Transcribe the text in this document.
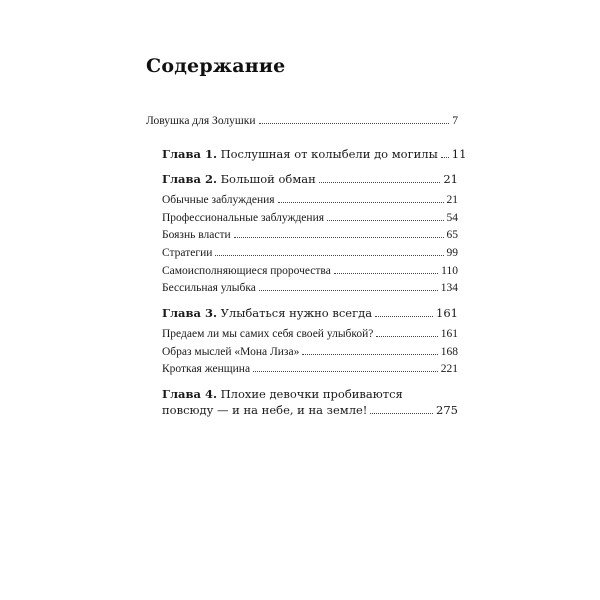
Содержание
Ловушка для Золушки	7
Глава 1. Послушная от колыбели до могилы 11
Глава 2. Большой обман	21
Обычные заблуждения	21
Профессиональные заблуждения	54
Боязнь власти	65
Стратегии	99
Самоисполняющиеся пророчества	110
Бессильная улыбка	134
Глава 3. Улыбаться нужно всегда	161
Предаем ли мы самих себя своей улыбкой?	161
Образ мыслей «Мона Лиза»	168
Кроткая женщина	221
Глава 4. Плохие девочки пробиваются
повсюду — и на небе, и на земле!	275
